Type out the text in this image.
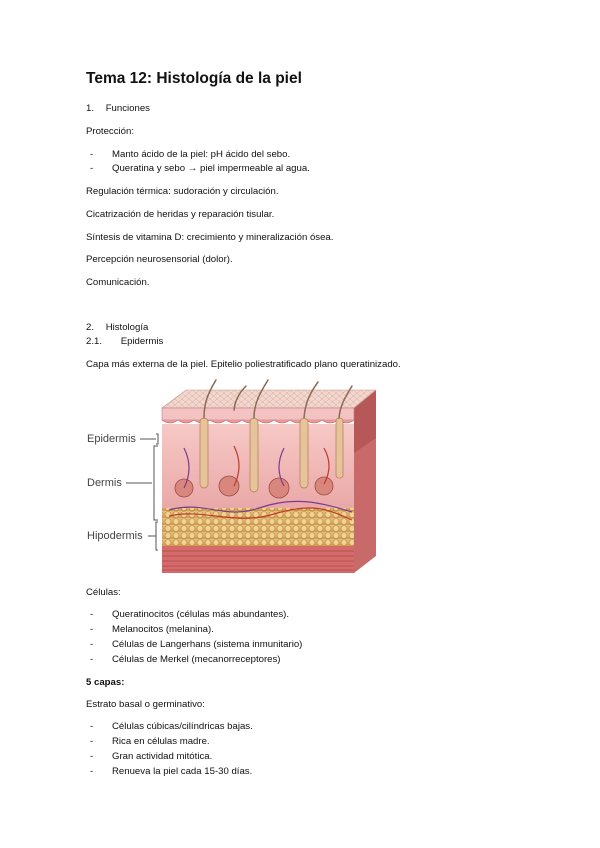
Tema 12: Histología de la piel
1. Funciones
Protección:
- Manto ácido de la piel: pH ácido del sebo.
- Queratina y sebo → piel impermeable al agua.
Regulación térmica: sudoración y circulación.
Cicatrización de heridas y reparación tisular.
Síntesis de vitamina D: crecimiento y mineralización ósea.
Percepción neurosensorial (dolor).
Comunicación.
2. Histología
2.1. Epidermis
Capa más externa de la piel. Epitelio poliestratificado plano queratinizado.
Epidermis
Dermis
Hipodermis
Células:
- Queratinocitos (células más abundantes).
- Melanocitos (melanina).
- Células de Langerhans (sistema inmunitario)
- Células de Merkel (mecanorreceptores)
5 capas:
Estrato basal o germinativo:
- Células cúbicas/cilíndricas bajas.
- Rica en células madre.
- Gran actividad mitótica.
- Renueva la piel cada 15-30 días.
